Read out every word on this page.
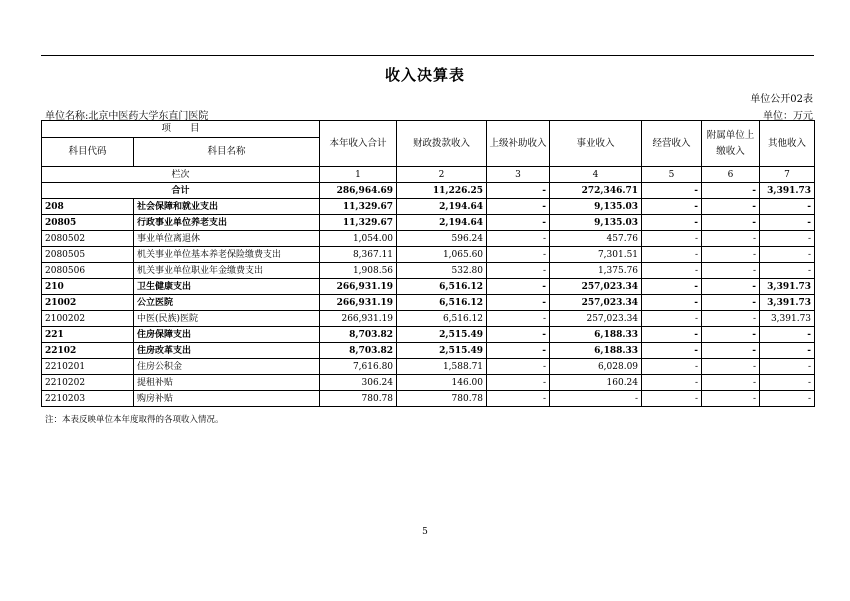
收入决算表
单位公开02表
单位名称:北京中医药大学东直门医院	单位：万元
项　　目		本年收入合计	财政拨款收入	上级补助收入	事业收入	经营收入	附属单位上缴收入	其他收入
科目代码	科目名称							
栏次		1	2	3	4	5	6	7
合计		286,964.69	11,226.25	-	272,346.71	-	-	3,391.73
208	社会保障和就业支出	11,329.67	2,194.64	-	9,135.03	-	-	-
20805	行政事业单位养老支出	11,329.67	2,194.64	-	9,135.03	-	-	-
2080502	事业单位离退休	1,054.00	596.24	-	457.76	-	-	-
2080505	机关事业单位基本养老保险缴费支出	8,367.11	1,065.60	-	7,301.51	-	-	-
2080506	机关事业单位职业年金缴费支出	1,908.56	532.80	-	1,375.76	-	-	-
210	卫生健康支出	266,931.19	6,516.12	-	257,023.34	-	-	3,391.73
21002	公立医院	266,931.19	6,516.12	-	257,023.34	-	-	3,391.73
2100202	中医(民族)医院	266,931.19	6,516.12	-	257,023.34	-	-	3,391.73
221	住房保障支出	8,703.82	2,515.49	-	6,188.33	-	-	-
22102	住房改革支出	8,703.82	2,515.49	-	6,188.33	-	-	-
2210201	住房公积金	7,616.80	1,588.71	-	6,028.09	-	-	-
2210202	提租补贴	306.24	146.00	-	160.24	-	-	-
2210203	购房补贴	780.78	780.78	-	-	-	-	-
注：本表反映单位本年度取得的各项收入情况。
5
